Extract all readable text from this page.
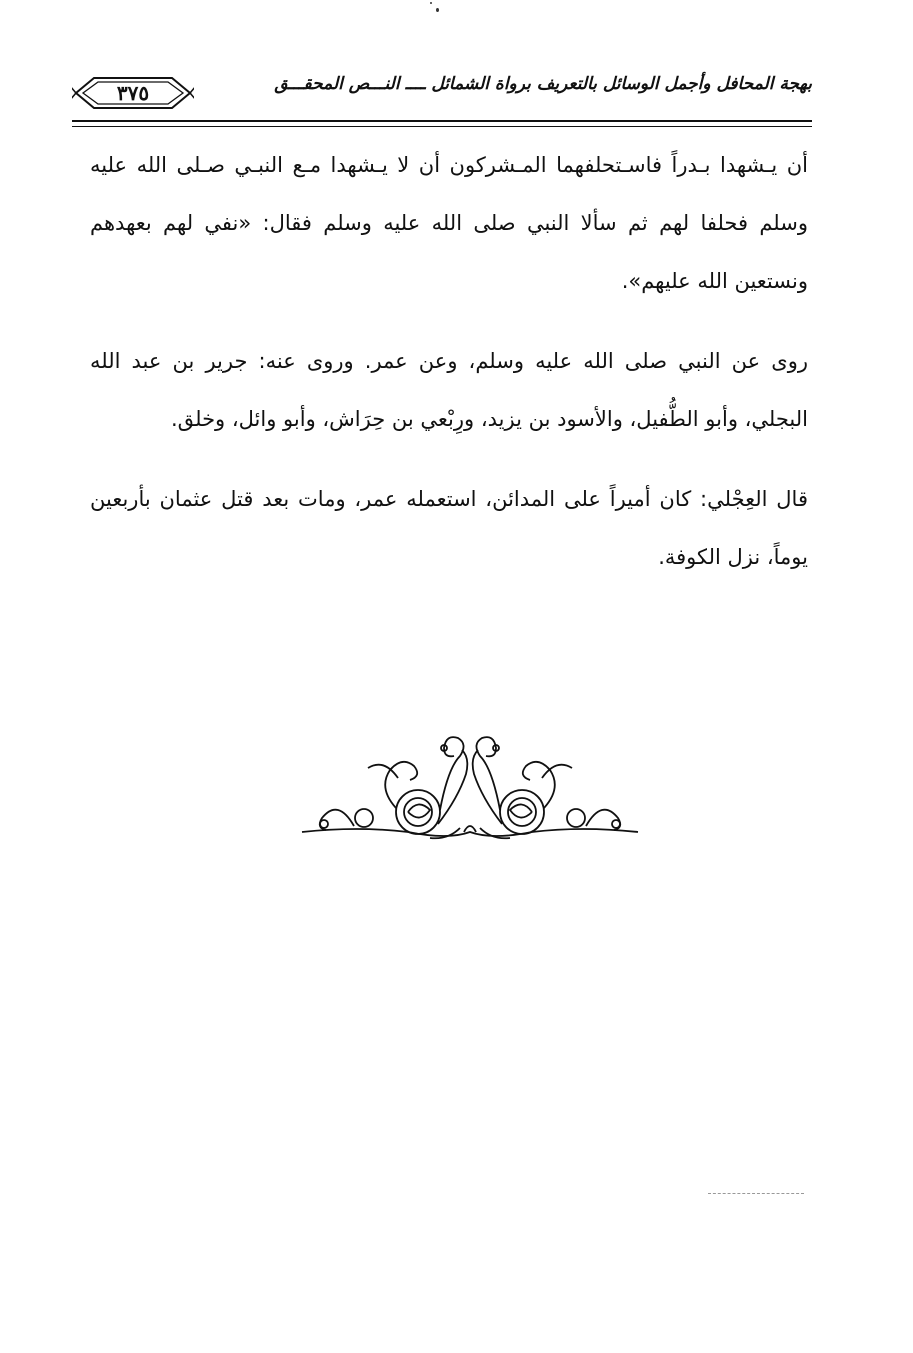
٣٧٥	بهجة المحافل وأجمل الوسائل بالتعريف برواة الشمائل ــــ النـــص المحقـــق

أن يـشهدا بـدراً فاسـتحلفهما المـشركون أن لا يـشهدا مـع النبـي صـلى الله عليه وسلم فحلفا لهم ثم سألا النبي صلى الله عليه وسلم فقال: «نفي لهم بعهدهم ونستعين الله عليهم».

روى عن النبي صلى الله عليه وسلم، وعن عمر. وروى عنه: جرير بن عبد الله البجلي، وأبو الطُّفيل، والأسود بن يزيد، ورِبْعي بن حِرَاش، وأبو وائل، وخلق.

قال العِجْلي: كان أميراً على المدائن، استعمله عمر، ومات بعد قتل عثمان بأربعين يوماً، نزل الكوفة.
